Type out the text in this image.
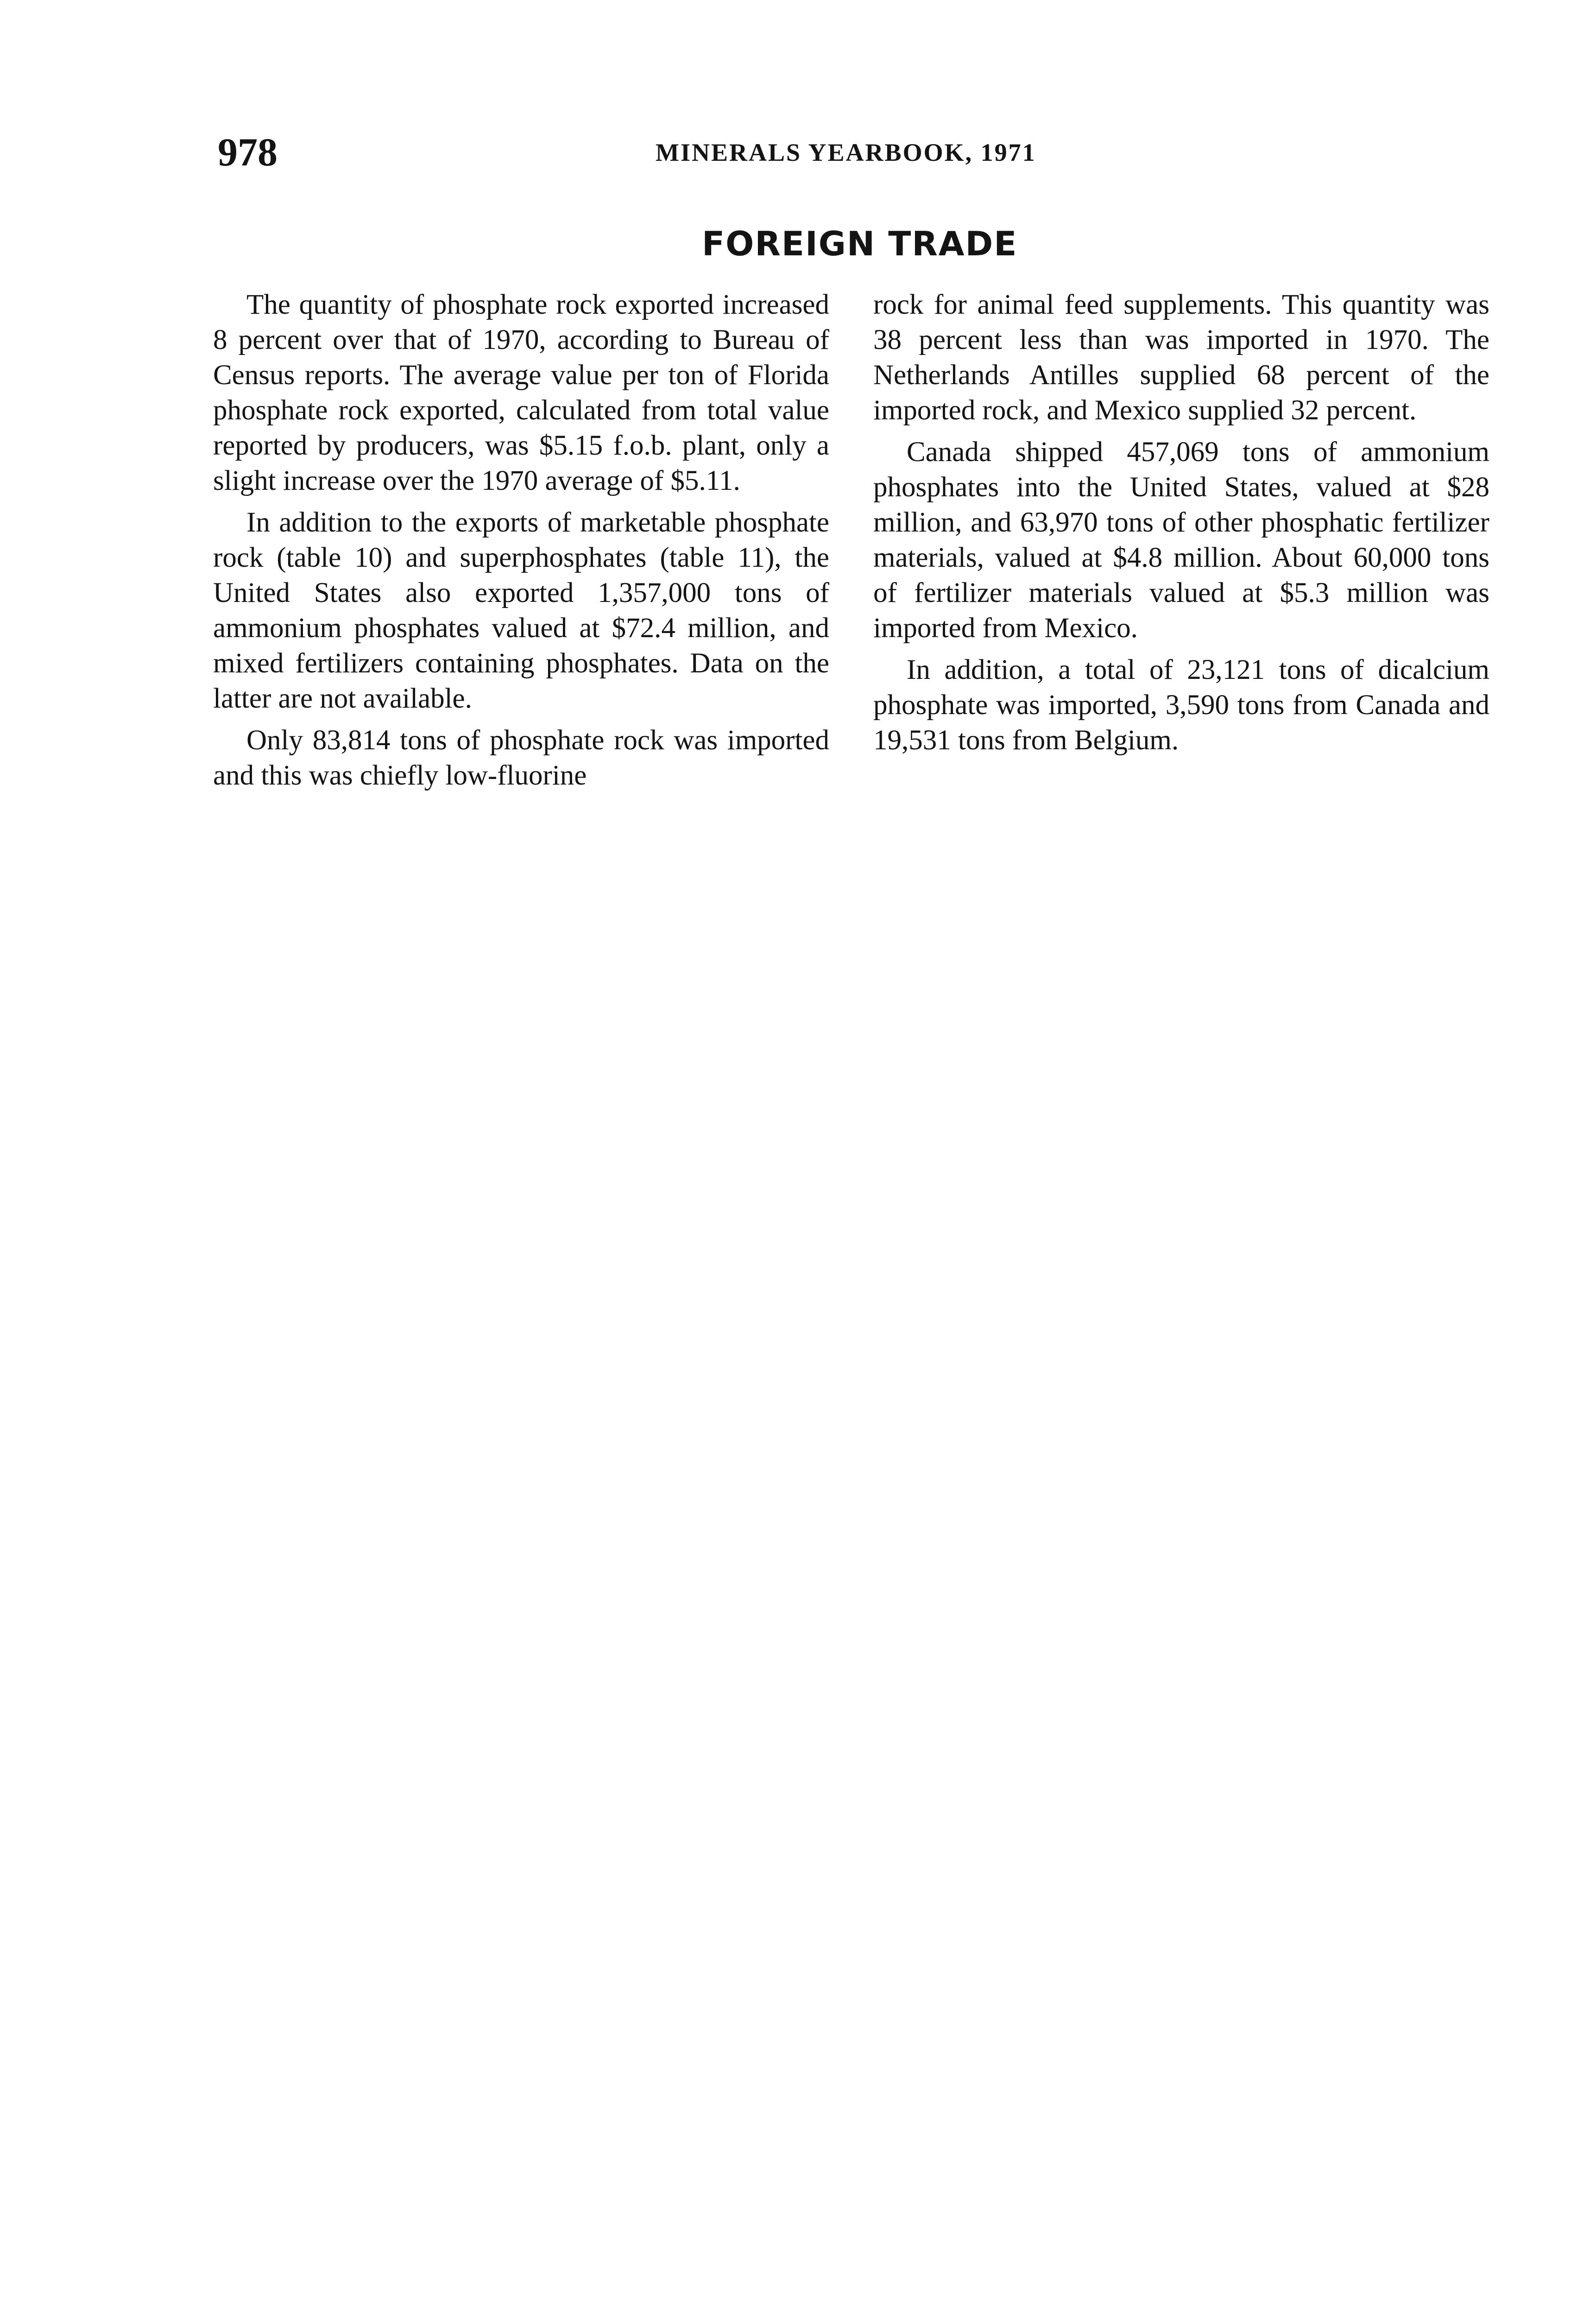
978	MINERALS YEARBOOK, 1971
FOREIGN TRADE

The quantity of phosphate rock exported increased 8 percent over that of 1970, according to Bureau of Census reports. The average value per ton of Florida phosphate rock exported, calculated from total value reported by producers, was $5.15 f.o.b. plant, only a slight increase over the 1970 average of $5.11.

In addition to the exports of marketable phosphate rock (table 10) and superphosphates (table 11), the United States also exported 1,357,000 tons of ammonium phosphates valued at $72.4 million, and mixed fertilizers containing phosphates. Data on the latter are not available.

Only 83,814 tons of phosphate rock was imported and this was chiefly low-fluorine

rock for animal feed supplements. This quantity was 38 percent less than was imported in 1970. The Netherlands Antilles supplied 68 percent of the imported rock, and Mexico supplied 32 percent.

Canada shipped 457,069 tons of ammonium phosphates into the United States, valued at $28 million, and 63,970 tons of other phosphatic fertilizer materials, valued at $4.8 million. About 60,000 tons of fertilizer materials valued at $5.3 million was imported from Mexico.

In addition, a total of 23,121 tons of dicalcium phosphate was imported, 3,590 tons from Canada and 19,531 tons from Belgium.
